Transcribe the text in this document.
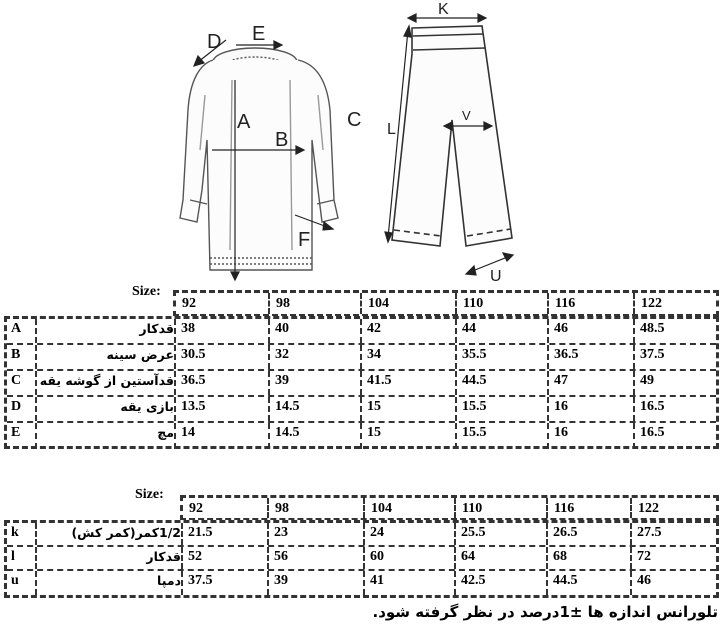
A
B
C
D E
F
K
L
V
U
Size:
92	98	104	110	116	122
A	قدکار 38	40	42	44	46	48.5
B	عرض سینه 30.5	32	34	35.5	36.5	37.5
C	قدآستین از گوشه یقه 36.5	39	41.5	44.5	47	49
D	بازی یقه 13.5	14.5	15	15.5	16	16.5
E	مچ 14	14.5	15	15.5	16	16.5
Size:
92	98	104	110	116	122
k	1/2کمر(کمر کش) 21.5	23	24	25.5	26.5	27.5
l	قدکار 52	56	60	64	68	72
u	دمپا 37.5	39	41	42.5	44.5	46
تلورانس اندازه ها ±1درصد در نظر گرفته شود.
